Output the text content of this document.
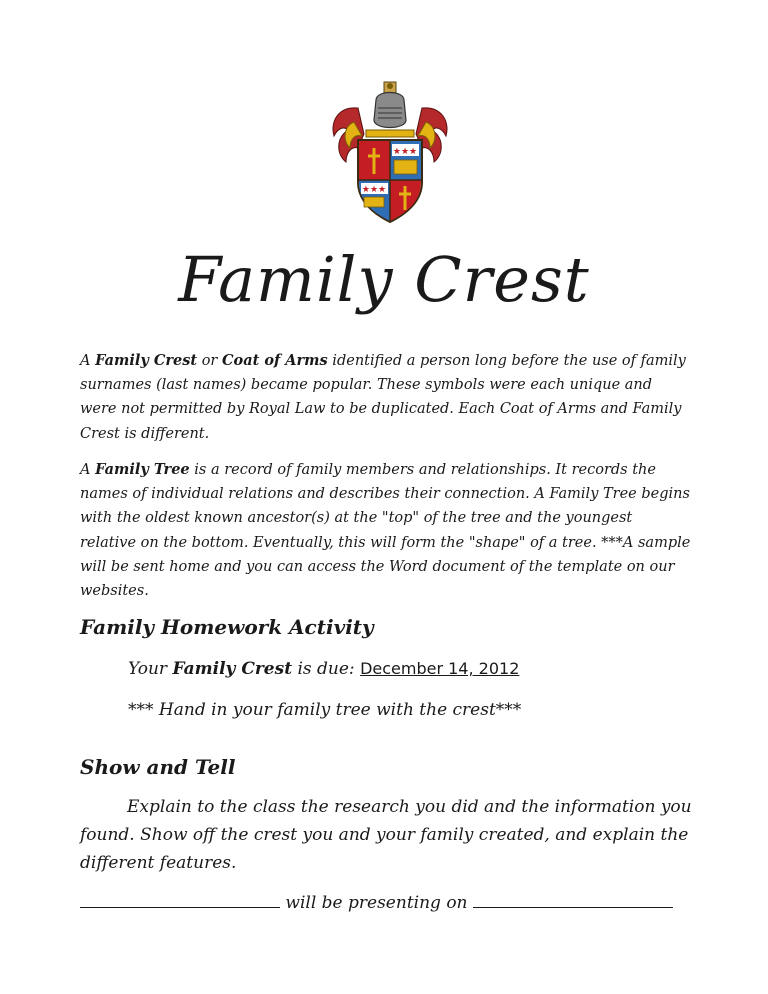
★★★
★★★
Family Crest

A Family Crest or Coat of Arms identified a person long before the use of family surnames (last names) became popular. These symbols were each unique and were not permitted by Royal Law to be duplicated. Each Coat of Arms and Family Crest is different.

A Family Tree is a record of family members and relationships. It records the names of individual relations and describes their connection. A Family Tree begins with the oldest known ancestor(s) at the "top" of the tree and the youngest relative on the bottom. Eventually, this will form the "shape" of a tree. ***A sample will be sent home and you can access the Word document of the template on our websites.

Family Homework Activity

Your Family Crest is due: December 14, 2012

*** Hand in your family tree with the crest***

Show and Tell

Explain to the class the research you did and the information you found. Show off the crest you and your family created, and explain the different features.

will be presenting on
